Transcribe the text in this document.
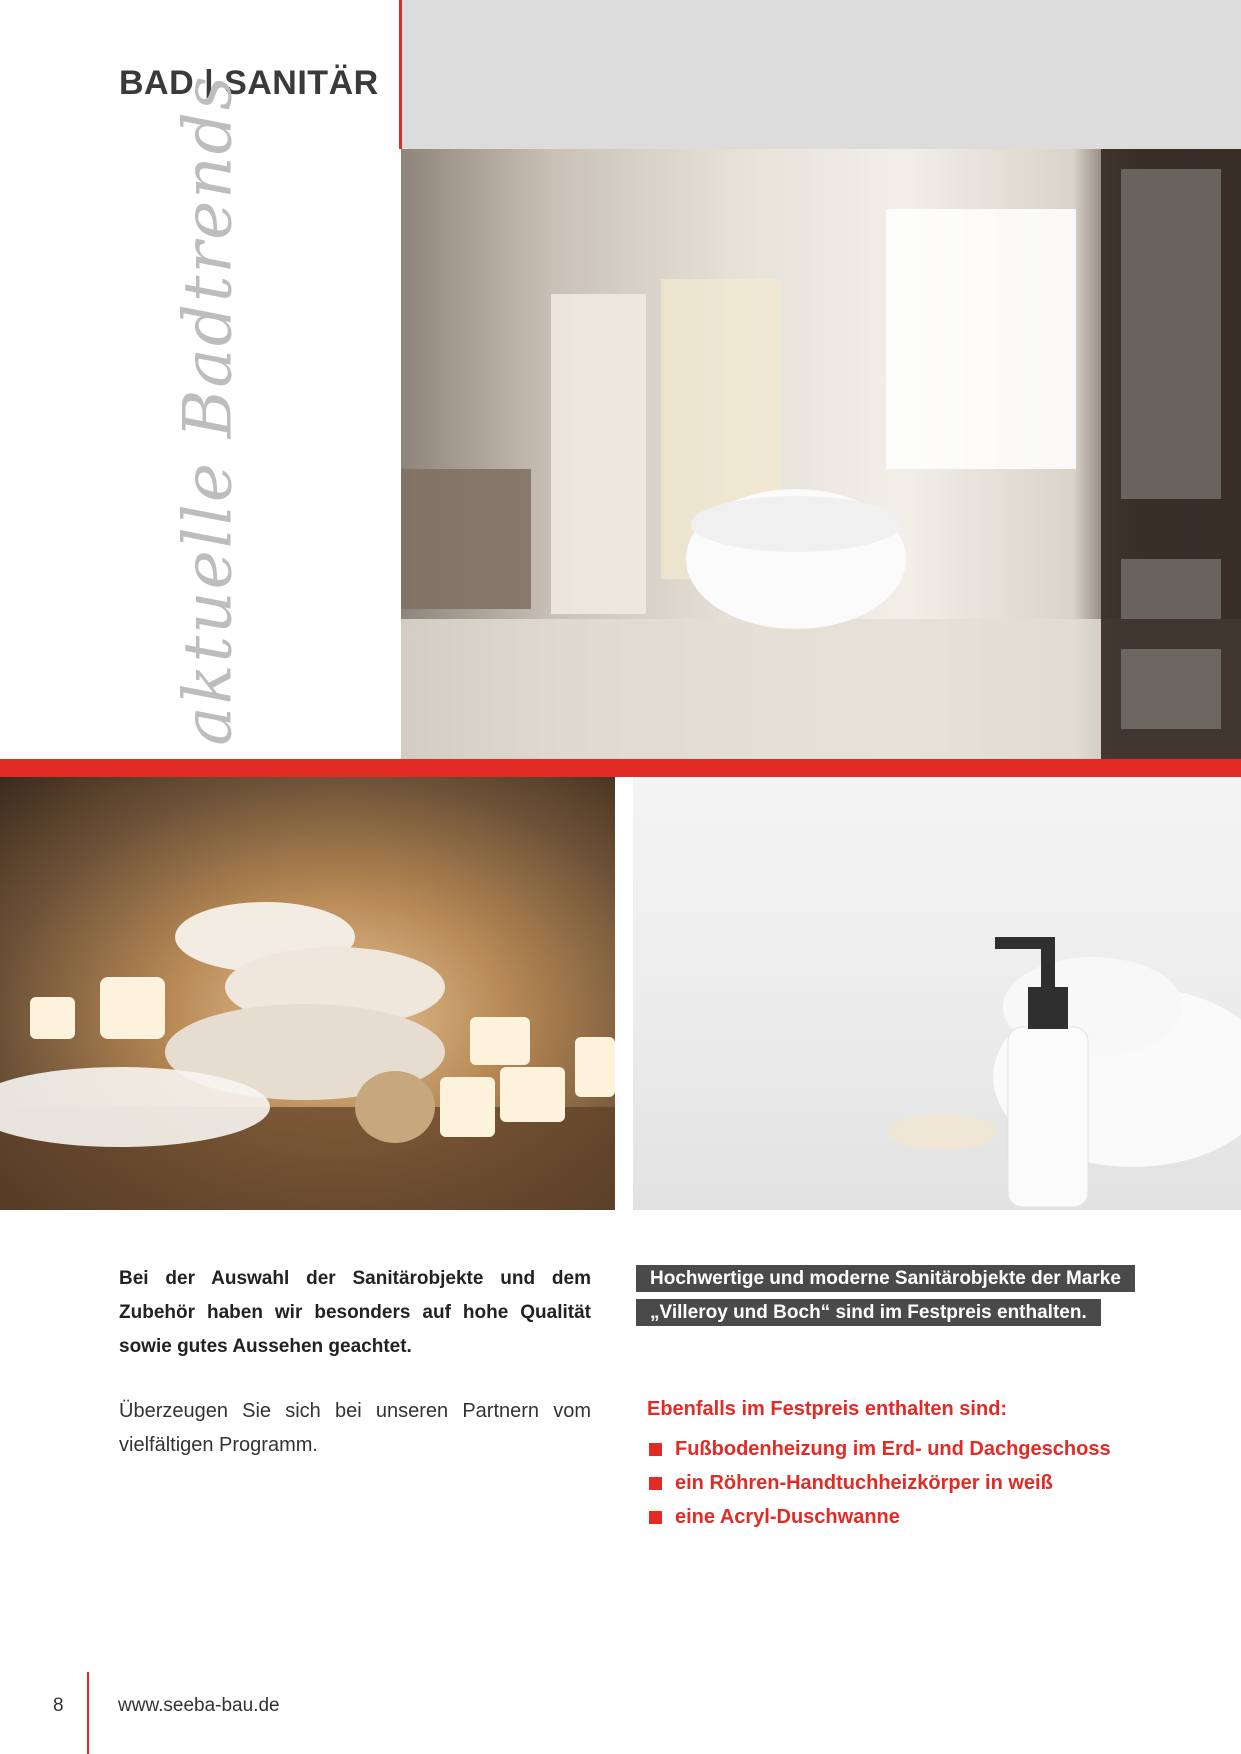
BAD | SANITÄR
aktuelle Badtrends

Bei der Auswahl der Sanitärobjekte und dem Zubehör haben wir besonders auf hohe Qualität sowie gutes Aussehen geachtet.

Überzeugen Sie sich bei unseren Partnern vom vielfältigen Programm.

Hochwertige und moderne Sanitärobjekte der Marke „Villeroy und Boch“ sind im Festpreis enthalten.
Ebenfalls im Festpreis enthalten sind:
Fußbodenheizung im Erd- und Dachgeschoss
ein Röhren-Handtuchheizkörper in weiß
eine Acryl-Duschwanne
8	www.seeba-bau.de
